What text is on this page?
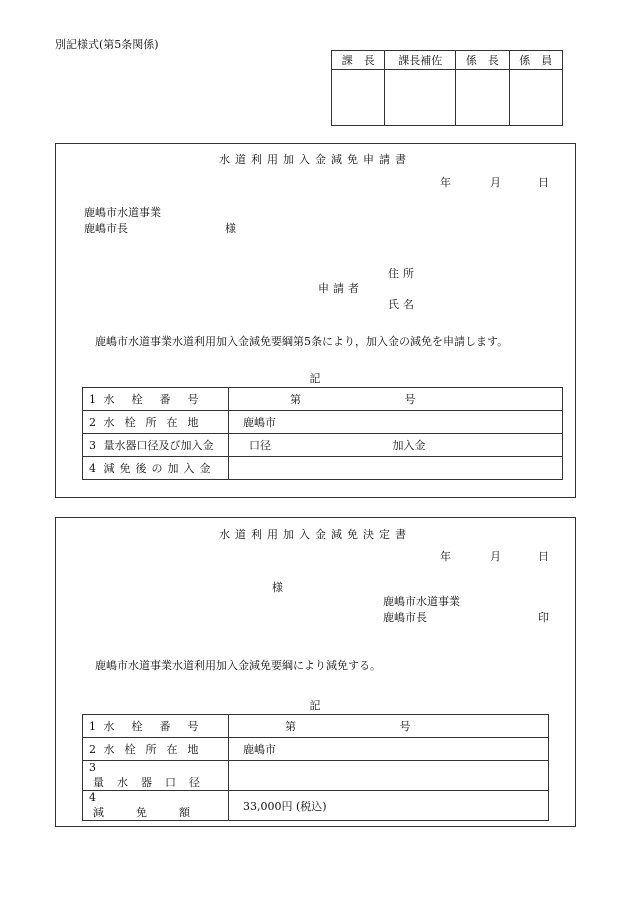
別記様式(第5条関係)
課　長	課長補佐	係　長	係　員

水道利用加入金減免申請書
年	月	日
鹿嶋市水道事業
鹿嶋市長	様
住所
申請者
氏名
鹿嶋市水道事業水道利用加入金減免要綱第5条により，加入金の減免を申請します。
記
1 水栓番号	第 号
2 水栓所在地	鹿嶋市
3 量水器口径及び加入金	口径 加入金
4 減免後の加入金	
水道利用加入金減免決定書
年	月	日
様
鹿嶋市水道事業
鹿嶋市長	印
鹿嶋市水道事業水道利用加入金減免要綱により減免する。
記
1 水栓番号	第 号
2 水栓所在地	鹿嶋市
3 量水器口径	
4 減免額	33,000円 (税込)
